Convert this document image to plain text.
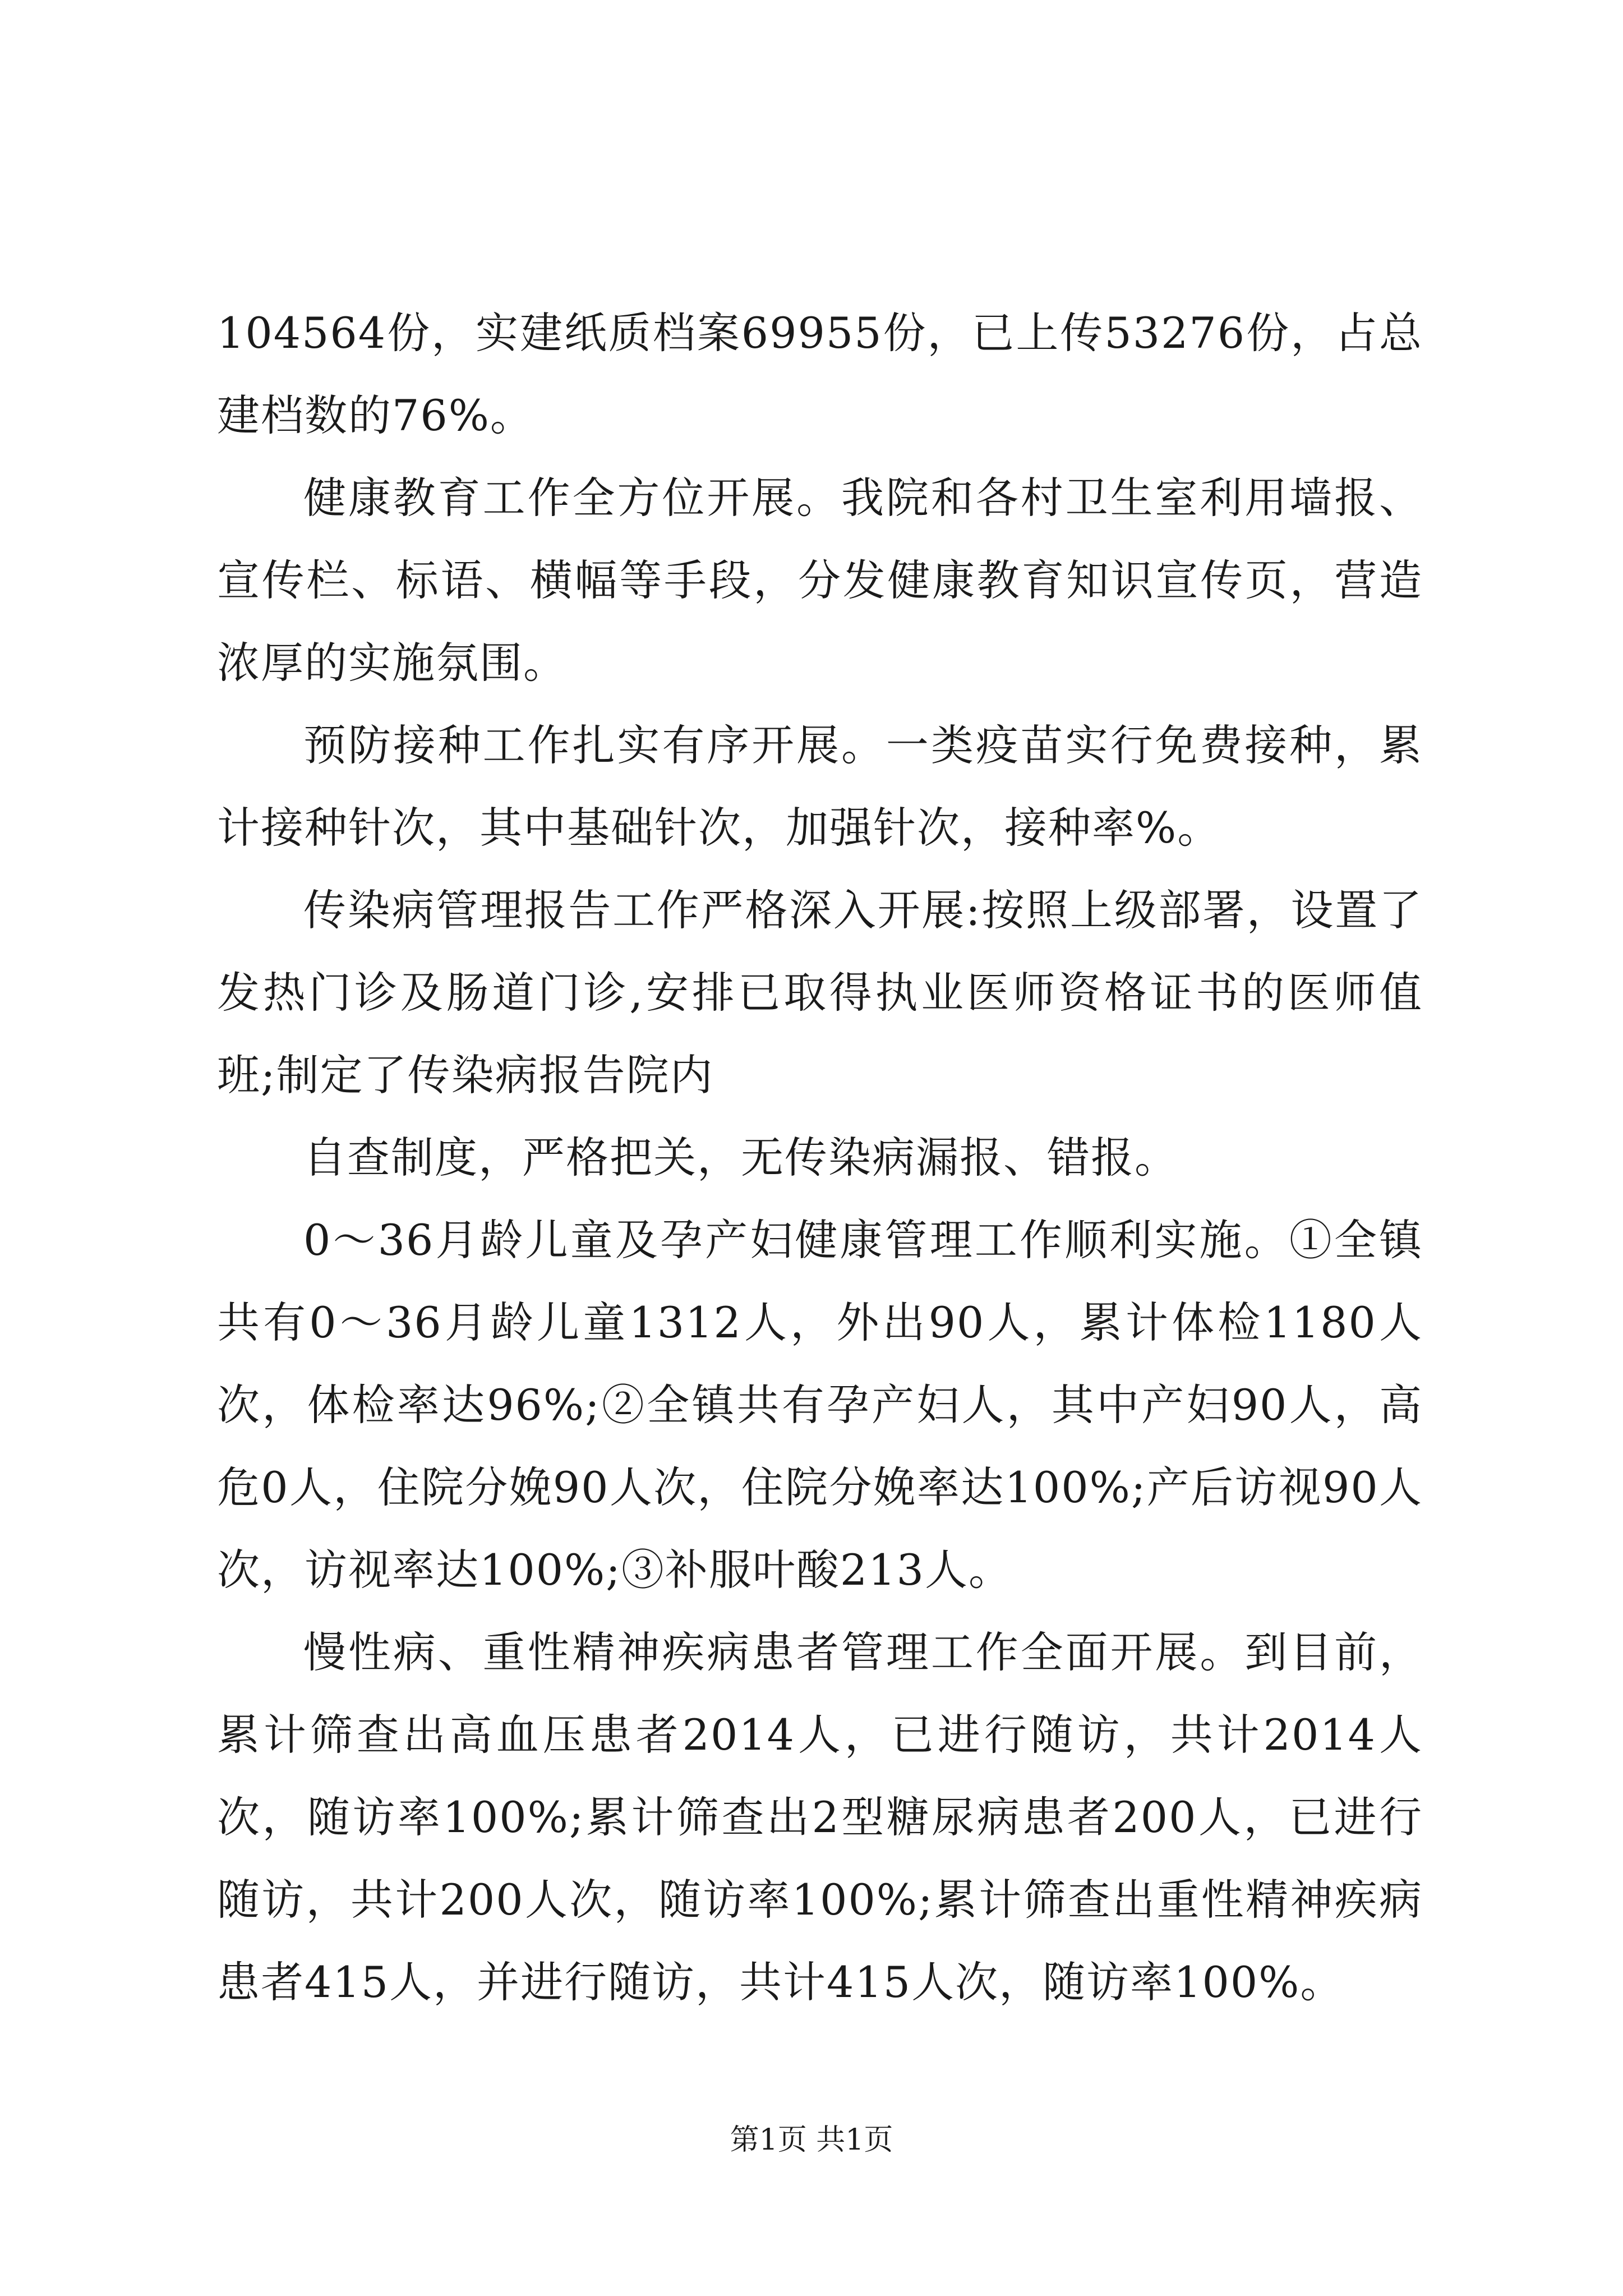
104564份，实建纸质档案69955份，已上传53276份，占总建档数的76%。

健康教育工作全方位开展。我院和各村卫生室利用墙报、宣传栏、标语、横幅等手段，分发健康教育知识宣传页，营造浓厚的实施氛围。

预防接种工作扎实有序开展。一类疫苗实行免费接种，累计接种针次，其中基础针次，加强针次，接种率%。

传染病管理报告工作严格深入开展:按照上级部署，设置了发热门诊及肠道门诊,安排已取得执业医师资格证书的医师值班;制定了传染病报告院内

自查制度，严格把关，无传染病漏报、错报。

0～36月龄儿童及孕产妇健康管理工作顺利实施。①全镇共有0～36月龄儿童1312人，外出90人，累计体检1180人次，体检率达96%;②全镇共有孕产妇人，其中产妇90人，高危0人，住院分娩90人次，住院分娩率达100%;产后访视90人次，访视率达100%;③补服叶酸213人。

慢性病、重性精神疾病患者管理工作全面开展。到目前，累计筛查出高血压患者2014人，已进行随访，共计2014人次，随访率100%;累计筛查出2型糖尿病患者200人，已进行随访，共计200人次，随访率100%;累计筛查出重性精神疾病患者415人，并进行随访，共计415人次，随访率100%。

第1页 共1页
